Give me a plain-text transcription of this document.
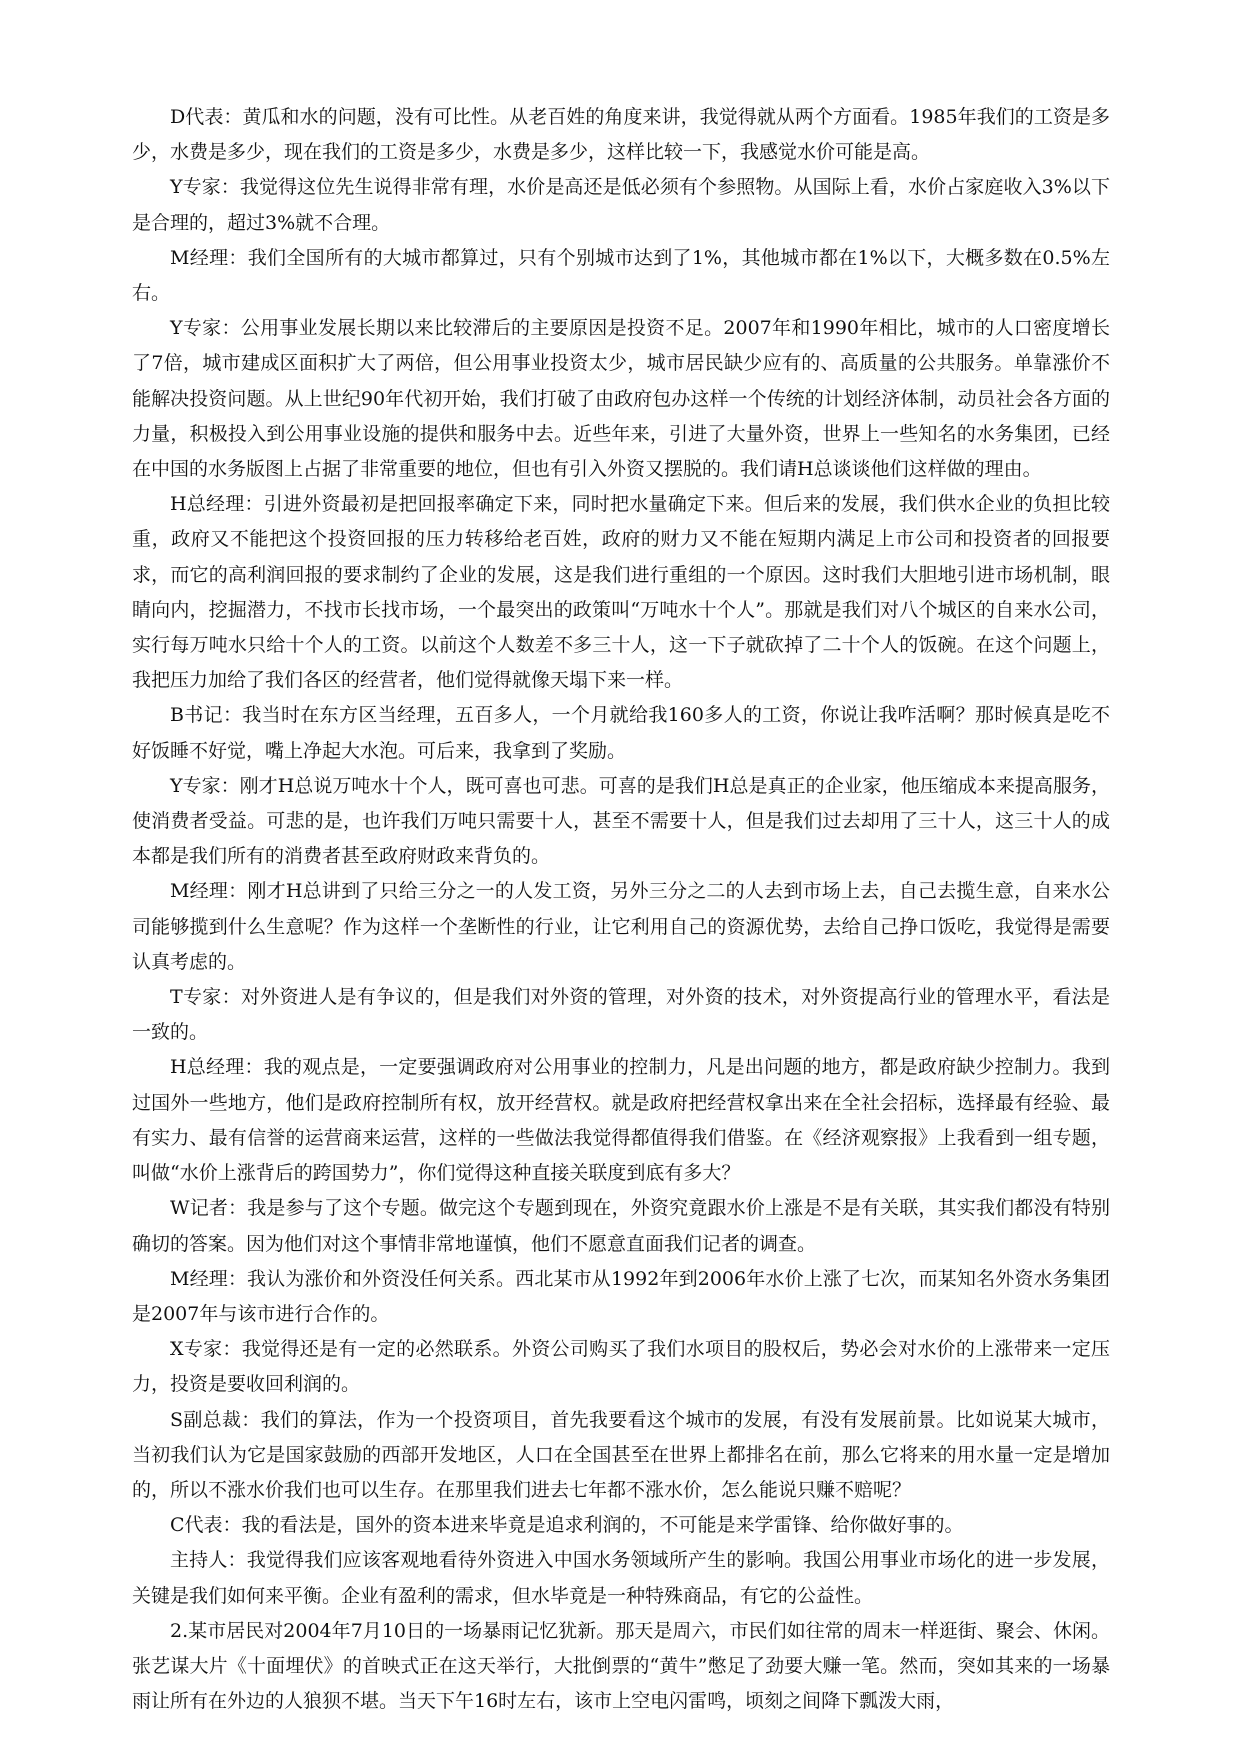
D代表：黄瓜和水的问题，没有可比性。从老百姓的角度来讲，我觉得就从两个方面看。1985年我们的工资是多少，水费是多少，现在我们的工资是多少，水费是多少，这样比较一下，我感觉水价可能是高。

Y专家：我觉得这位先生说得非常有理，水价是高还是低必须有个参照物。从国际上看，水价占家庭收入3%以下是合理的，超过3%就不合理。

M经理：我们全国所有的大城市都算过，只有个别城市达到了1%，其他城市都在1%以下，大概多数在0.5%左右。

Y专家：公用事业发展长期以来比较滞后的主要原因是投资不足。2007年和1990年相比，城市的人口密度增长了7倍，城市建成区面积扩大了两倍，但公用事业投资太少，城市居民缺少应有的、高质量的公共服务。单靠涨价不能解决投资问题。从上世纪90年代初开始，我们打破了由政府包办这样一个传统的计划经济体制，动员社会各方面的力量，积极投入到公用事业设施的提供和服务中去。近些年来，引进了大量外资，世界上一些知名的水务集团，已经在中国的水务版图上占据了非常重要的地位，但也有引入外资又摆脱的。我们请H总谈谈他们这样做的理由。

H总经理：引进外资最初是把回报率确定下来，同时把水量确定下来。但后来的发展，我们供水企业的负担比较重，政府又不能把这个投资回报的压力转移给老百姓，政府的财力又不能在短期内满足上市公司和投资者的回报要求，而它的高利润回报的要求制约了企业的发展，这是我们进行重组的一个原因。这时我们大胆地引进市场机制，眼睛向内，挖掘潜力，不找市长找市场，一个最突出的政策叫“万吨水十个人”。那就是我们对八个城区的自来水公司，实行每万吨水只给十个人的工资。以前这个人数差不多三十人，这一下子就砍掉了二十个人的饭碗。在这个问题上，我把压力加给了我们各区的经营者，他们觉得就像天塌下来一样。

B书记：我当时在东方区当经理，五百多人，一个月就给我160多人的工资，你说让我咋活啊？那时候真是吃不好饭睡不好觉，嘴上净起大水泡。可后来，我拿到了奖励。

Y专家：刚才H总说万吨水十个人，既可喜也可悲。可喜的是我们H总是真正的企业家，他压缩成本来提高服务，使消费者受益。可悲的是，也许我们万吨只需要十人，甚至不需要十人，但是我们过去却用了三十人，这三十人的成本都是我们所有的消费者甚至政府财政来背负的。

M经理：刚才H总讲到了只给三分之一的人发工资，另外三分之二的人去到市场上去，自己去揽生意，自来水公司能够揽到什么生意呢？作为这样一个垄断性的行业，让它利用自己的资源优势，去给自己挣口饭吃，我觉得是需要认真考虑的。

T专家：对外资进人是有争议的，但是我们对外资的管理，对外资的技术，对外资提高行业的管理水平，看法是一致的。

H总经理：我的观点是，一定要强调政府对公用事业的控制力，凡是出问题的地方，都是政府缺少控制力。我到过国外一些地方，他们是政府控制所有权，放开经营权。就是政府把经营权拿出来在全社会招标，选择最有经验、最有实力、最有信誉的运营商来运营，这样的一些做法我觉得都值得我们借鉴。在《经济观察报》上我看到一组专题，叫做“水价上涨背后的跨国势力”，你们觉得这种直接关联度到底有多大？

W记者：我是参与了这个专题。做完这个专题到现在，外资究竟跟水价上涨是不是有关联，其实我们都没有特别确切的答案。因为他们对这个事情非常地谨慎，他们不愿意直面我们记者的调查。

M经理：我认为涨价和外资没任何关系。西北某市从1992年到2006年水价上涨了七次，而某知名外资水务集团是2007年与该市进行合作的。

X专家：我觉得还是有一定的必然联系。外资公司购买了我们水项目的股权后，势必会对水价的上涨带来一定压力，投资是要收回利润的。

S副总裁：我们的算法，作为一个投资项目，首先我要看这个城市的发展，有没有发展前景。比如说某大城市，当初我们认为它是国家鼓励的西部开发地区，人口在全国甚至在世界上都排名在前，那么它将来的用水量一定是增加的，所以不涨水价我们也可以生存。在那里我们进去七年都不涨水价，怎么能说只赚不赔呢？

C代表：我的看法是，国外的资本进来毕竟是追求利润的，不可能是来学雷锋、给你做好事的。

主持人：我觉得我们应该客观地看待外资进入中国水务领域所产生的影响。我国公用事业市场化的进一步发展，关键是我们如何来平衡。企业有盈利的需求，但水毕竟是一种特殊商品，有它的公益性。

2.某市居民对2004年7月10日的一场暴雨记忆犹新。那天是周六，市民们如往常的周末一样逛街、聚会、休闲。张艺谋大片《十面埋伏》的首映式正在这天举行，大批倒票的“黄牛”憋足了劲要大赚一笔。然而，突如其来的一场暴雨让所有在外边的人狼狈不堪。当天下午16时左右，该市上空电闪雷鸣，顷刻之间降下瓢泼大雨，
